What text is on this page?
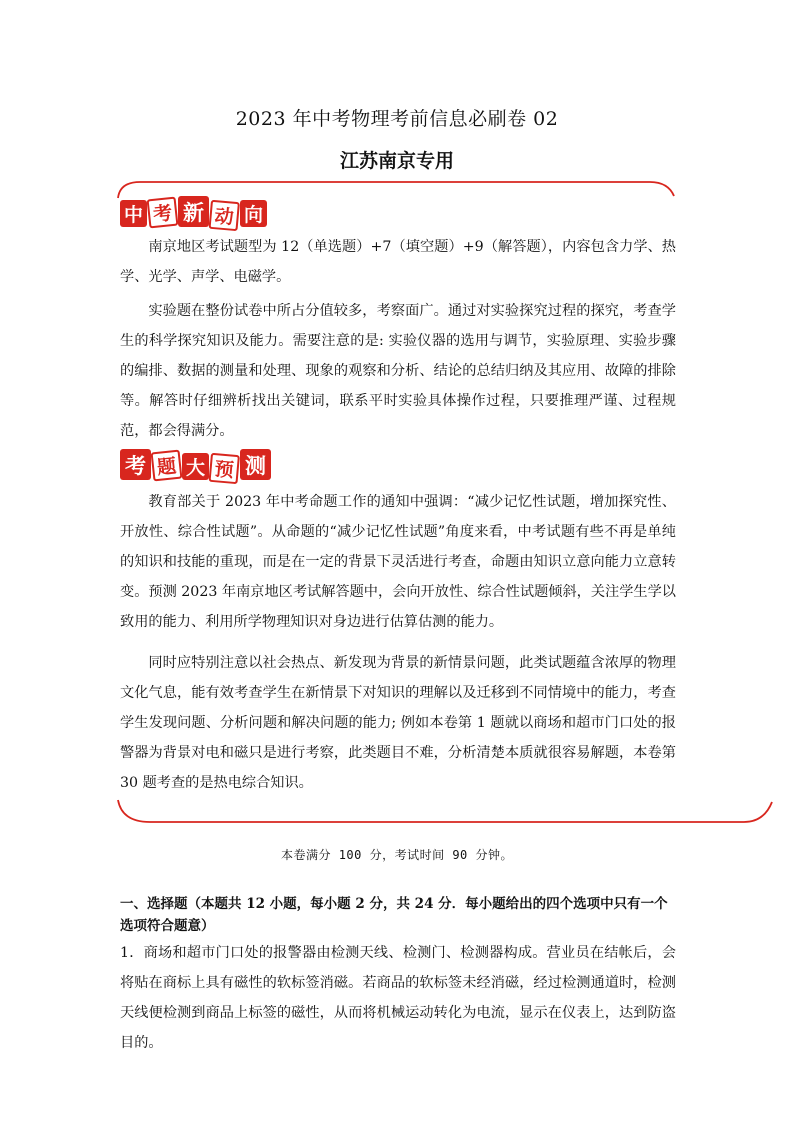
2023 年中考物理考前信息必刷卷 02
江苏南京专用
中 考 新 动 向

南京地区考试题型为 12（单选题）+7（填空题）+9（解答题），内容包含力学、热学、光学、声学、电磁学。

实验题在整份试卷中所占分值较多，考察面广。通过对实验探究过程的探究，考查学生的科学探究知识及能力。需要注意的是: 实验仪器的选用与调节，实验原理、实验步骤的编排、数据的测量和处理、现象的观察和分析、结论的总结归纳及其应用、故障的排除等。解答时仔细辨析找出关键词，联系平时实验具体操作过程，只要推理严谨、过程规范，都会得满分。

考 题 大 预 测

教育部关于 2023 年中考命题工作的通知中强调：“减少记忆性试题，增加探究性、开放性、综合性试题”。从命题的“减少记忆性试题”角度来看，中考试题有些不再是单纯的知识和技能的重现，而是在一定的背景下灵活进行考查，命题由知识立意向能力立意转变。预测 2023 年南京地区考试解答题中，会向开放性、综合性试题倾斜，关注学生学以致用的能力、利用所学物理知识对身边进行估算估测的能力。

同时应特别注意以社会热点、新发现为背景的新情景问题，此类试题蕴含浓厚的物理文化气息，能有效考查学生在新情景下对知识的理解以及迁移到不同情境中的能力，考查学生发现问题、分析问题和解决问题的能力; 例如本卷第 1 题就以商场和超市门口处的报警器为背景对电和磁只是进行考察，此类题目不难，分析清楚本质就很容易解题，本卷第 30 题考查的是热电综合知识。

本卷满分 100 分，考试时间 90 分钟。

一、选择题（本题共 12 小题，每小题 2 分，共 24 分．每小题给出的四个选项中只有一个选项符合题意）

1．商场和超市门口处的报警器由检测天线、检测门、检测器构成。营业员在结帐后，会将贴在商标上具有磁性的软标签消磁。若商品的软标签未经消磁，经过检测通道时，检测天线便检测到商品上标签的磁性，从而将机械运动转化为电流，显示在仪表上，达到防盗目的。
